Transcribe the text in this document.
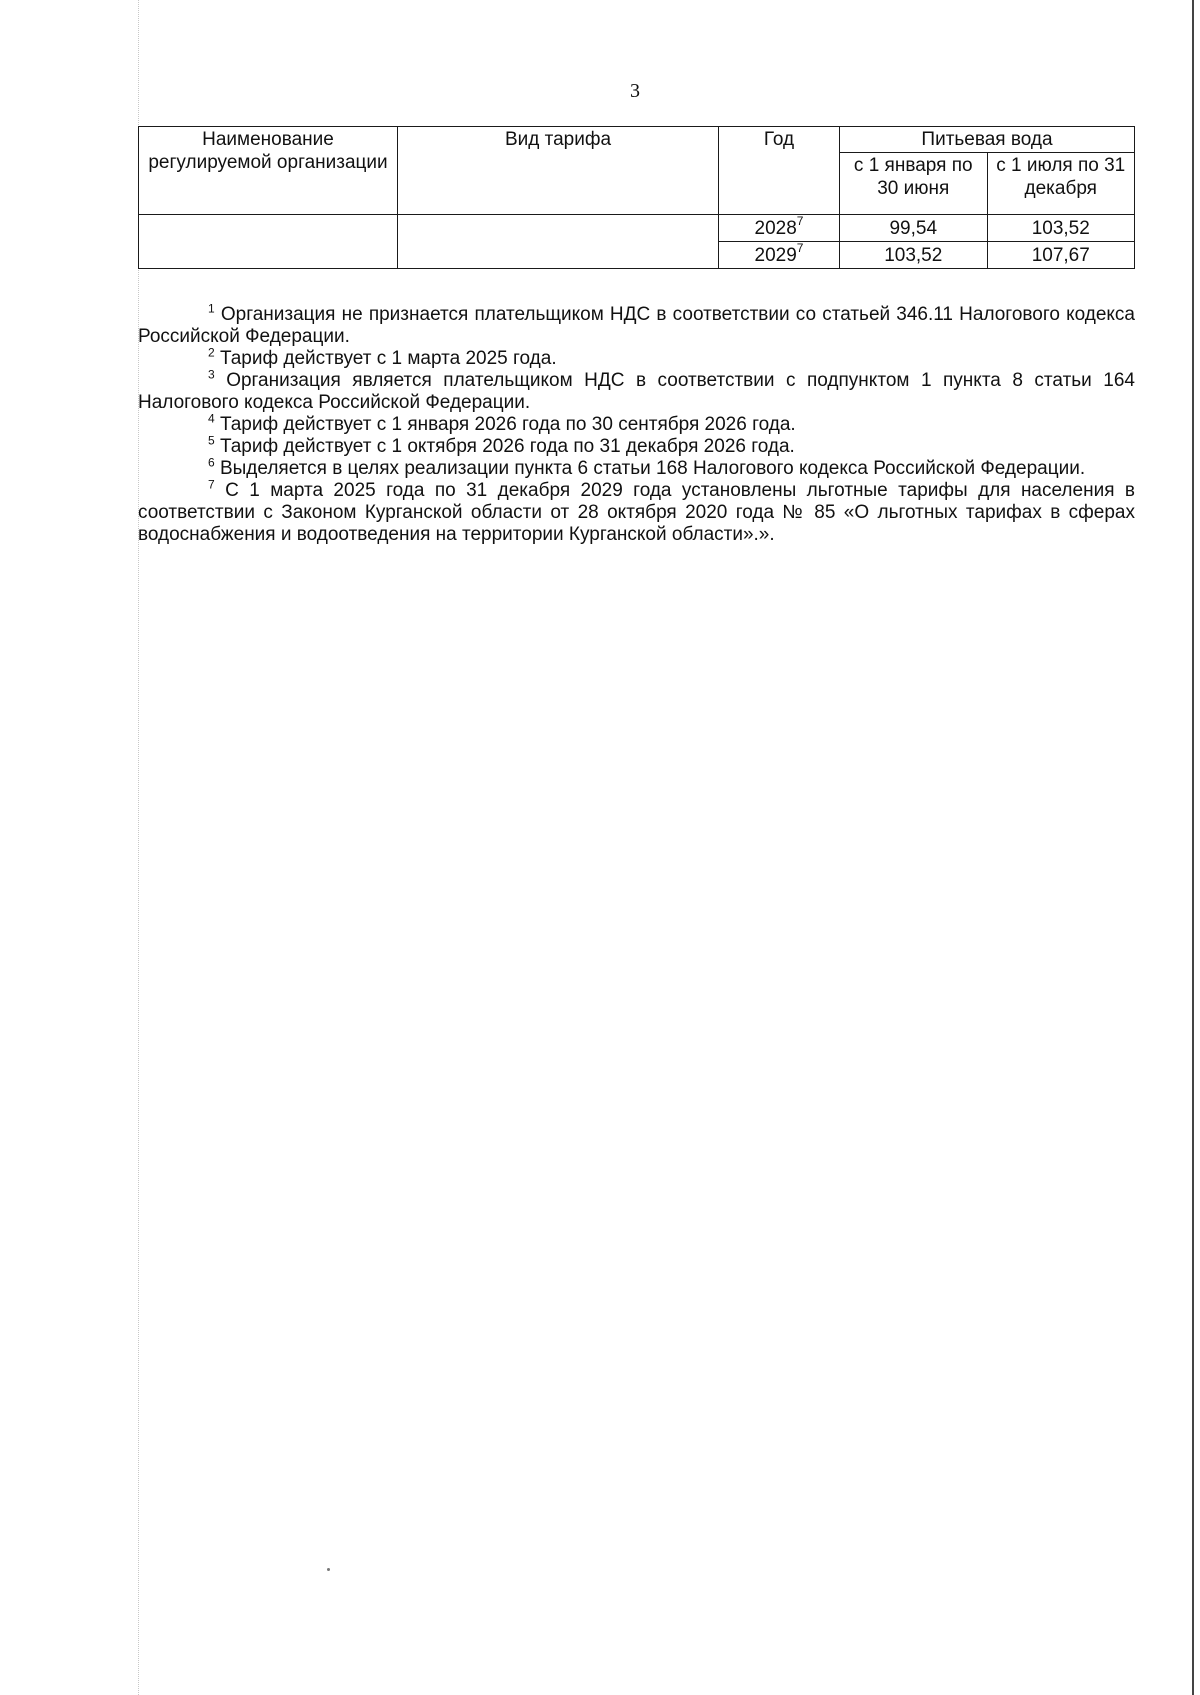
3
Наименование регулируемой организации	Вид тарифа	Год	Питьевая вода	
			с 1 января по 30 июня	с 1 июля по 31 декабря
		2028$^7$	99,54	103,52
		2029$^7$	103,52	107,67

$^1$ Организация не признается плательщиком НДС в соответствии со статьей 346.11 Налогового кодекса Российской Федерации.

$^2$ Тариф действует с 1 марта 2025 года.

$^3$ Организация является плательщиком НДС в соответствии с подпунктом 1 пункта 8 статьи 164 Налогового кодекса Российской Федерации.

$^4$ Тариф действует с 1 января 2026 года по 30 сентября 2026 года.

$^5$ Тариф действует с 1 октября 2026 года по 31 декабря 2026 года.

$^6$ Выделяется в целях реализации пункта 6 статьи 168 Налогового кодекса Российской Федерации.

$^7$ С 1 марта 2025 года по 31 декабря 2029 года установлены льготные тарифы для населения в соответствии с Законом Курганской области от 28 октября 2020 года № 85 «О льготных тарифах в сферах водоснабжения и водоотведения на территории Курганской области».».
